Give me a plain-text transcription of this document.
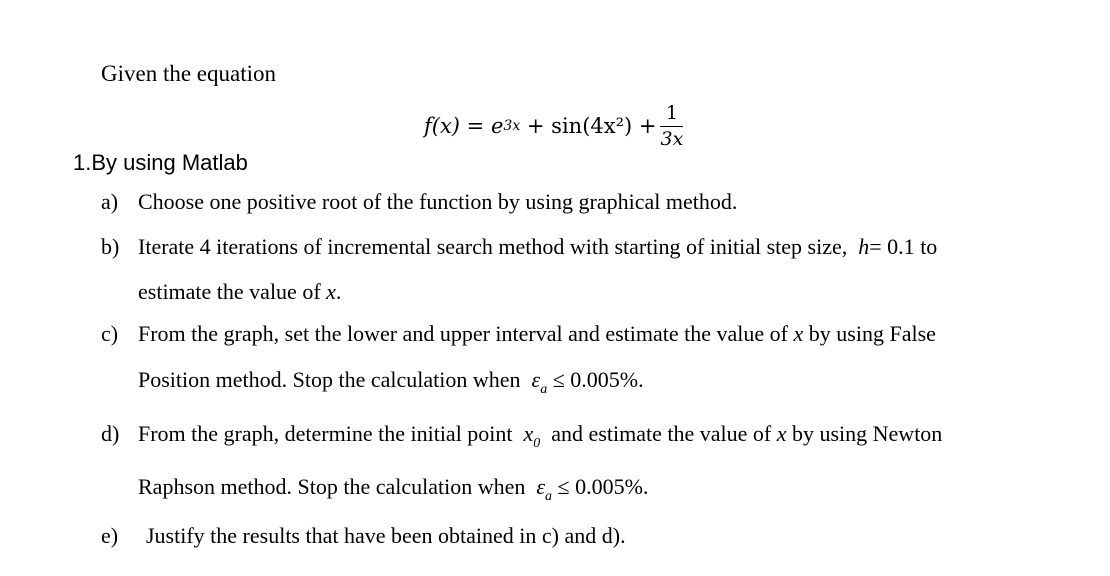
Given the equation
f(x) =
e 3x
+ $\sin(4x^2) + \frac{1}{3x}$
1.By using Matlab
a) Choose one positive root of the function by using graphical method.
b) Iterate 4 iterations of incremental search method with starting of initial step size, h= 0.1 to
estimate the value of x.
c) From the graph, set the lower and upper interval and estimate the value of x by using False
Position method. Stop the calculation when $\varepsilon_a \le 0.005\%$.
d) From the graph, determine the initial point $x_0$ and estimate the value of x by using Newton
Raphson method. Stop the calculation when $\varepsilon_a \le 0.005\%$.
e) Justify the results that have been obtained in c) and d).
